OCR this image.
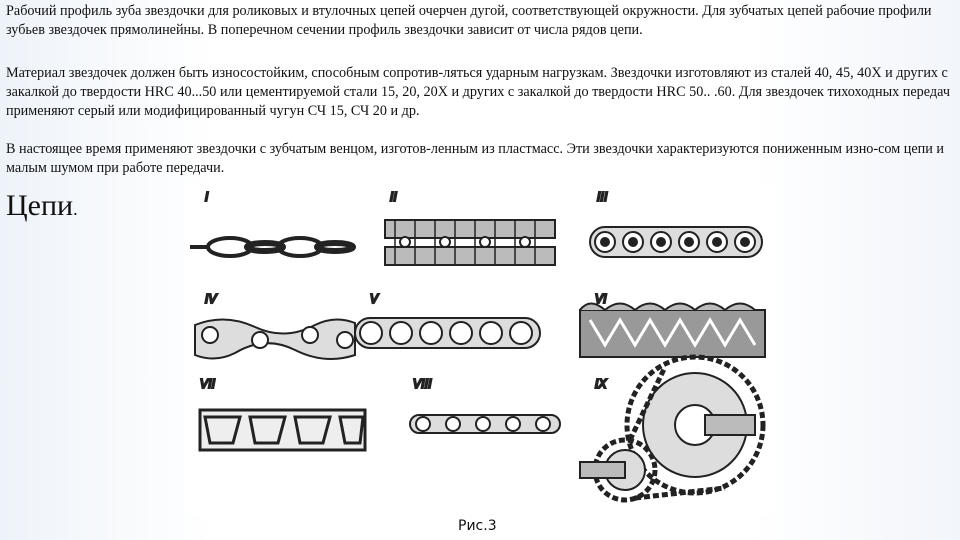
Рабочий профиль зуба звездочки для роликовых и втулочных цепей очерчен дугой, соответствующей окружности. Для зубчатых цепей рабочие профили зубьев звездочек прямолинейны. В поперечном сечении профиль звездочки зависит от числа рядов цепи.

Материал звездочек должен быть износостойким, способным сопротив-ляться ударным нагрузкам. Звездочки изготовляют из сталей 40, 45, 40Х и других с закалкой до твердости HRC 40...50 или цементируемой стали 15, 20, 20Х и других с закалкой до твердости HRC 50.. .60. Для звездочек тихоходных передач применяют серый или модифицированный чугун СЧ 15, СЧ 20 и др.

В настоящее время применяют звездочки с зубчатым венцом, изготов-ленным из пластмасс. Эти звездочки характеризуются пониженным изно-сом цепи и малым шумом при работе передачи.

Цепи.
I	II	III
IV	V	VI
VII	VIII	IX
Рис.3
